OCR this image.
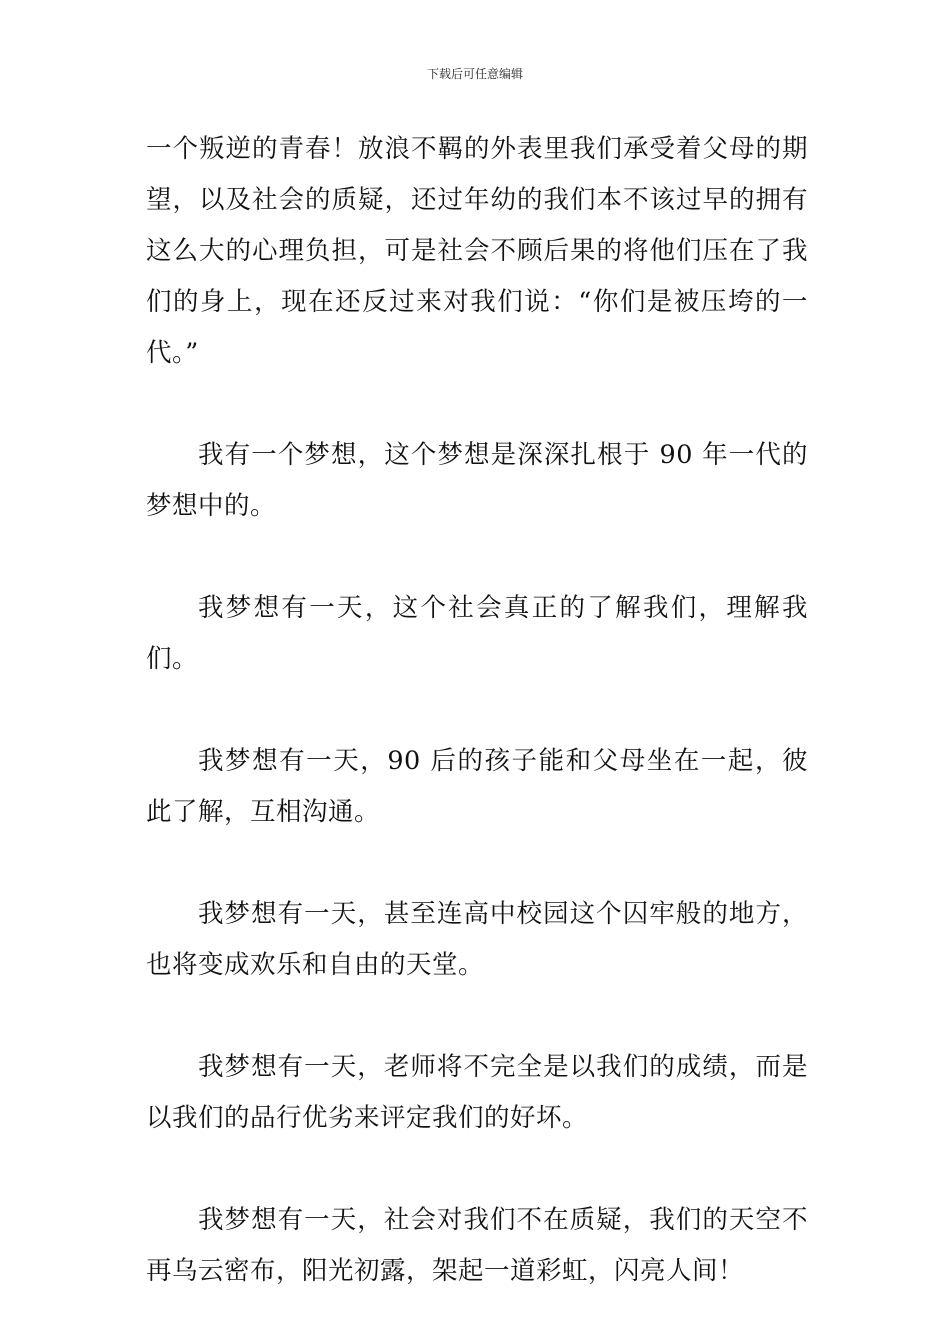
下载后可任意编辑

一个叛逆的青春！放浪不羁的外表里我们承受着父母的期望，以及社会的质疑，还过年幼的我们本不该过早的拥有这么大的心理负担，可是社会不顾后果的将他们压在了我们的身上，现在还反过来对我们说：“你们是被压垮的一代。”

我有一个梦想，这个梦想是深深扎根于 90 年一代的梦想中的。

我梦想有一天，这个社会真正的了解我们，理解我们。

我梦想有一天，90 后的孩子能和父母坐在一起，彼此了解，互相沟通。

我梦想有一天，甚至连高中校园这个囚牢般的地方，也将变成欢乐和自由的天堂。

我梦想有一天，老师将不完全是以我们的成绩，而是以我们的品行优劣来评定我们的好坏。

我梦想有一天，社会对我们不在质疑，我们的天空不再乌云密布，阳光初露，架起一道彩虹，闪亮人间！
